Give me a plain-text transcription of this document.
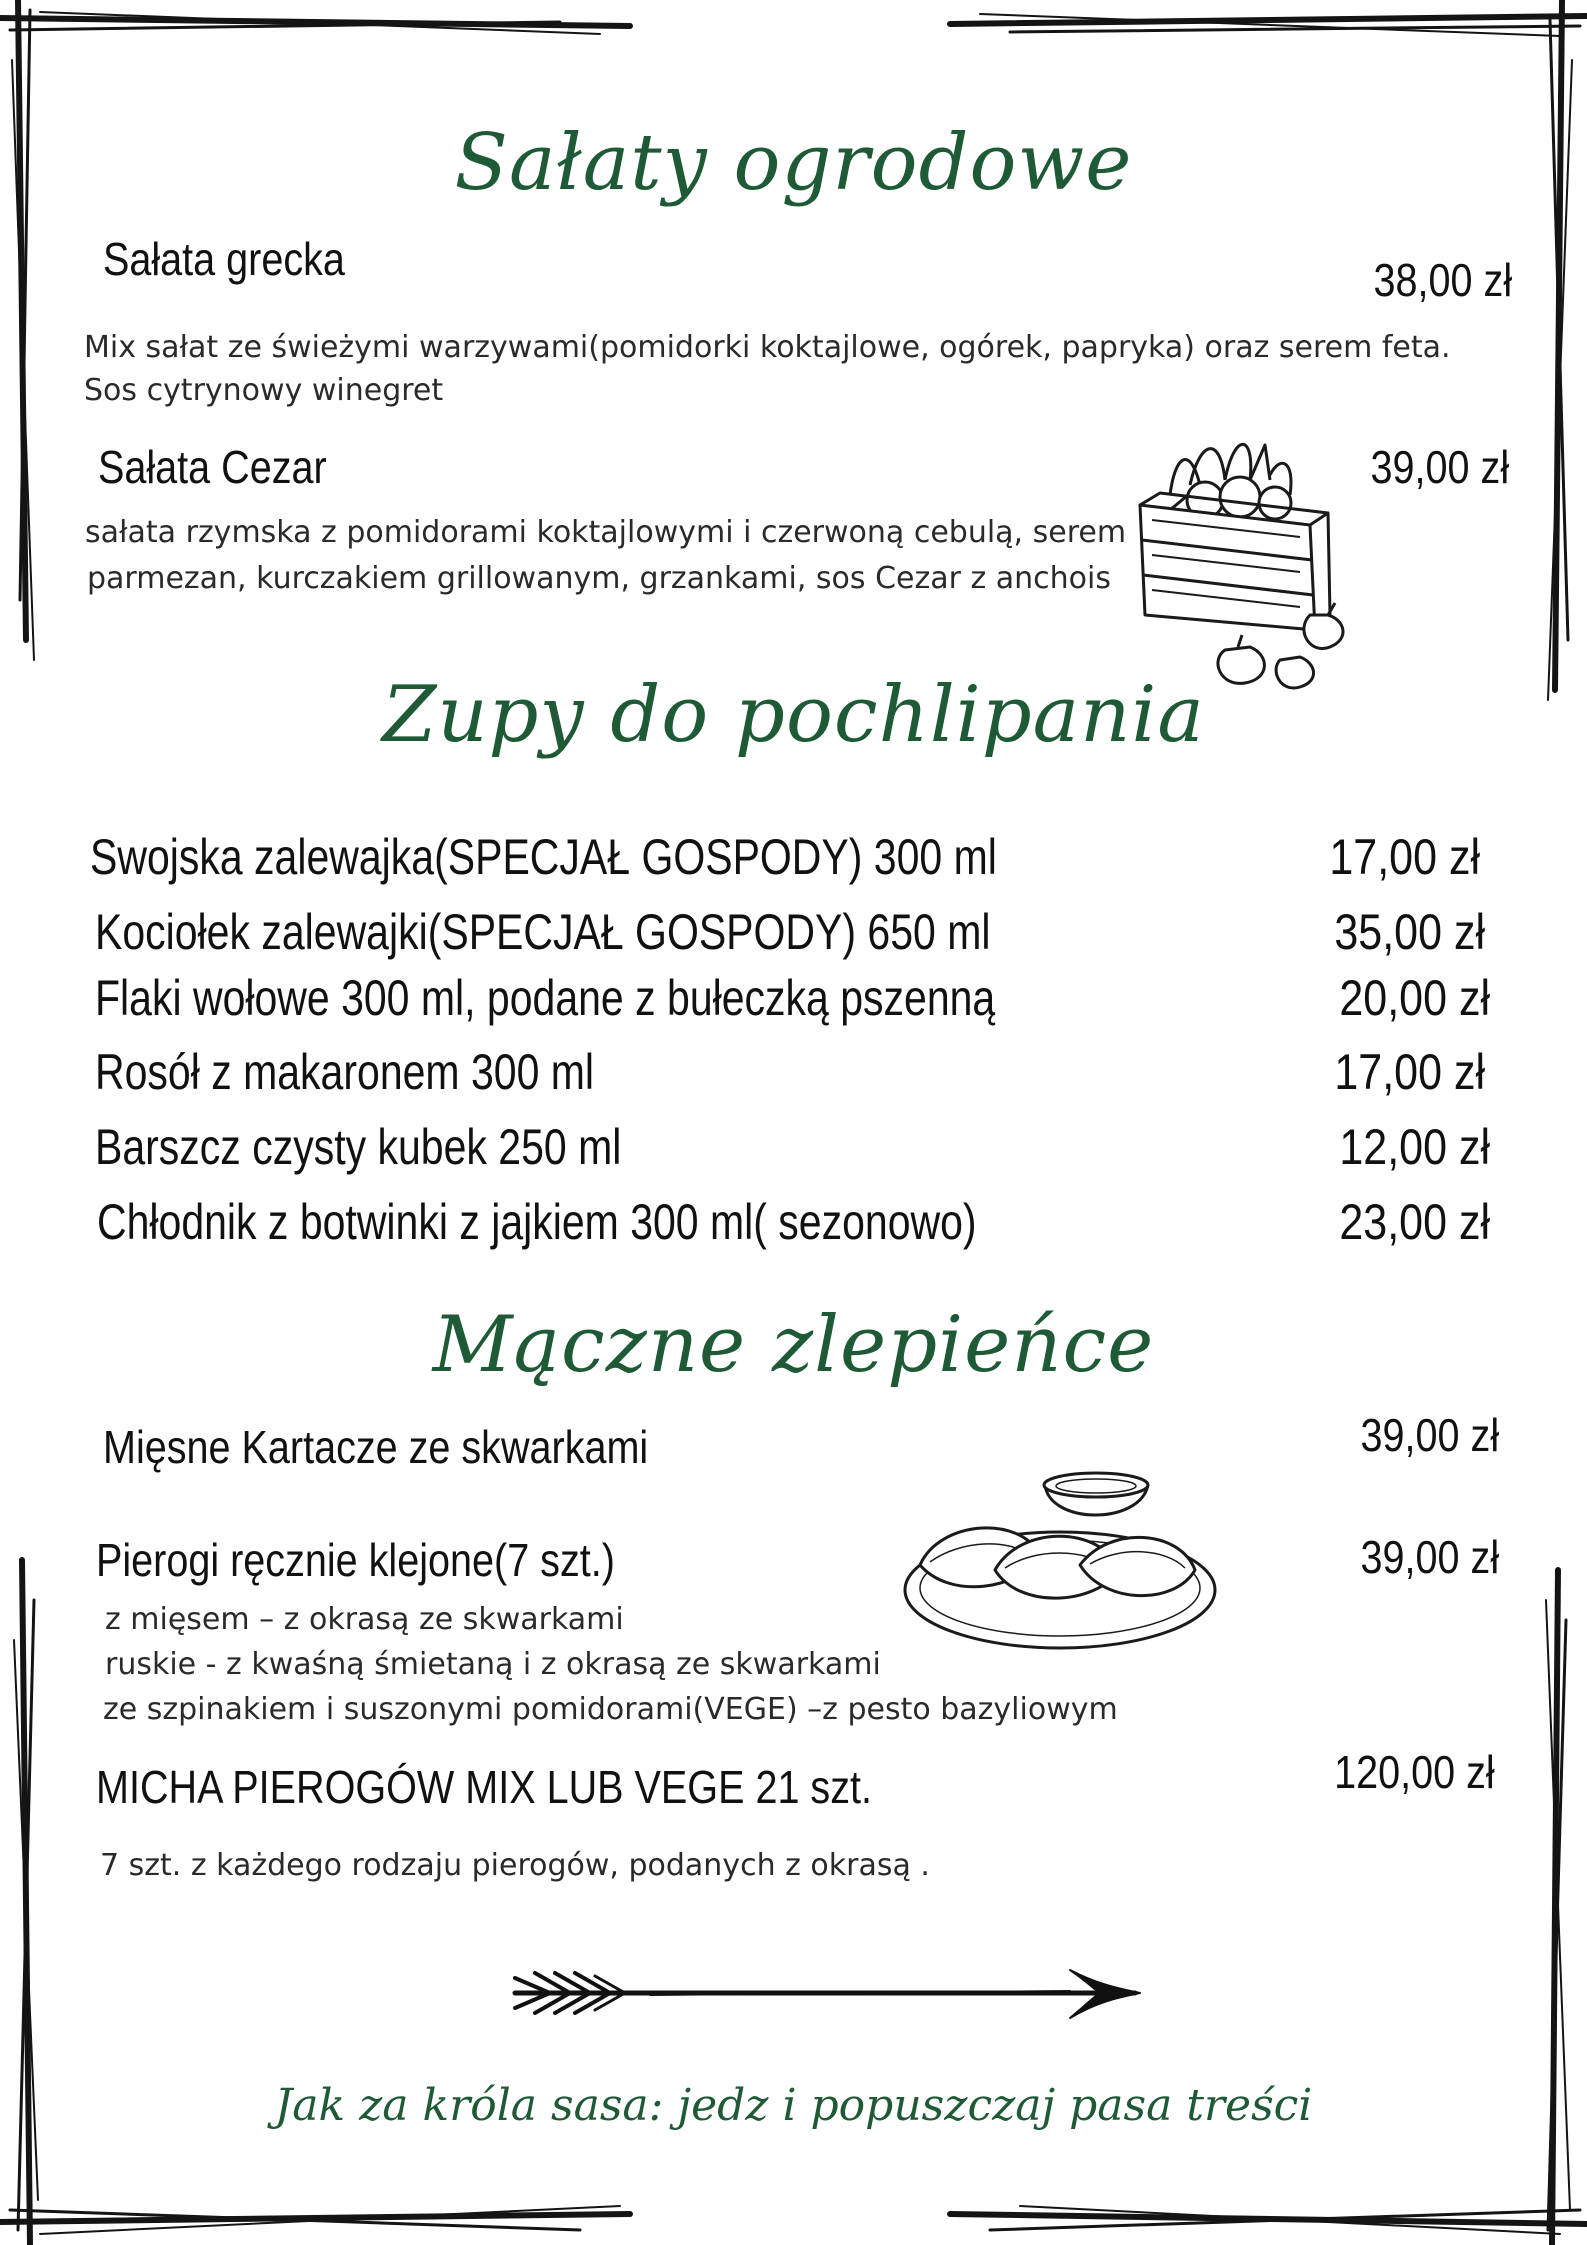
Sałaty ogrodowe
Sałata grecka	38,00 zł
Mix sałat ze świeżymi warzywami(pomidorki koktajlowe, ogórek, papryka) oraz serem feta.
Sos cytrynowy winegret
Sałata Cezar	39,00 zł
sałata rzymska z pomidorami koktajlowymi i czerwoną cebulą, serem
parmezan, kurczakiem grillowanym, grzankami, sos Cezar z anchois
Zupy do pochlipania
Swojska zalewajka(SPECJAŁ GOSPODY) 300 ml	17,00 zł
Kociołek zalewajki(SPECJAŁ GOSPODY) 650 ml	35,00 zł
Flaki wołowe 300 ml, podane z bułeczką pszenną	20,00 zł
Rosół z makaronem 300 ml	17,00 zł
Barszcz czysty kubek 250 ml	12,00 zł
Chłodnik z botwinki z jajkiem 300 ml( sezonowo)	23,00 zł
Mączne zlepieńce
Mięsne Kartacze ze skwarkami	39,00 zł
Pierogi ręcznie klejone(7 szt.)	39,00 zł
z mięsem – z okrasą ze skwarkami
ruskie - z kwaśną śmietaną i z okrasą ze skwarkami
ze szpinakiem i suszonymi pomidorami(VEGE) –z pesto bazyliowym
MICHA PIEROGÓW MIX LUB VEGE 21 szt.	120,00 zł
7 szt. z każdego rodzaju pierogów, podanych z okrasą .
Jak za króla sasa: jedz i popuszczaj pasa treści
